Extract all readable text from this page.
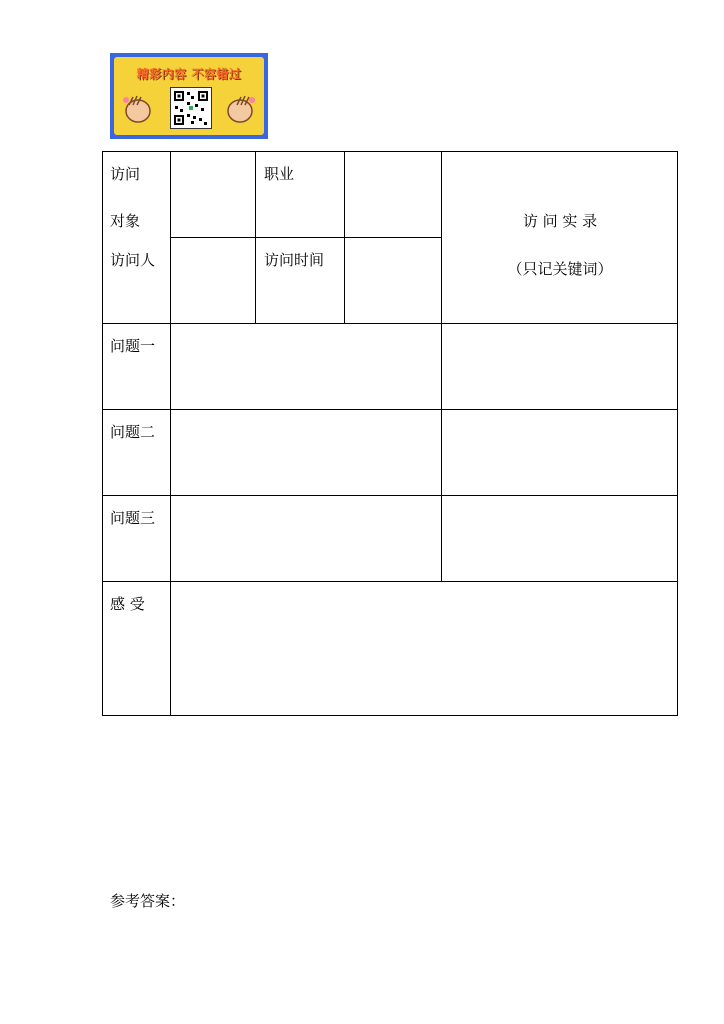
精彩内容 不容错过
访问
对象
职业
访问人	访问时间
访 问 实 录
（只记关键词）
问题一
问题二
问题三
感 受
参考答案：
